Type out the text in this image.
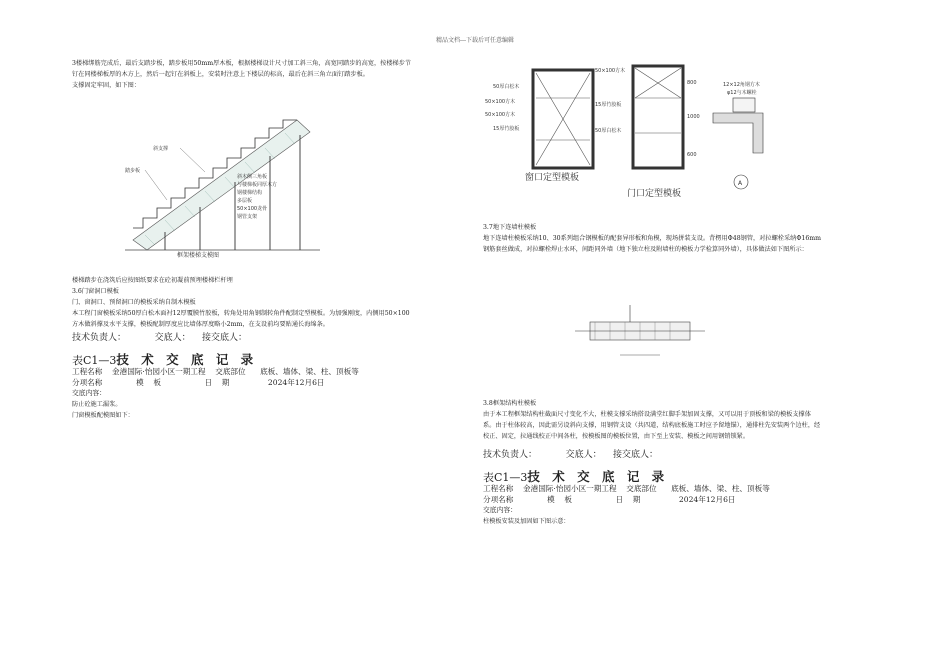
精品文档---下载后可任意编辑

3楼梯绑筋完成后，最后支踏步板，踏步板用50mm厚木板，根据楼梯设计尺寸加工斜三角，高宽同踏步的高宽，按楼梯步节钉在同楼梯板厚的木方上，然后一起钉在斜板上，安装时注意上下楼层的标高，最后在斜三角立面钉踏步板。

支撑固定牢固，如下图：

斜支撑
踏步板
斜木侧三角板
与楼梯板同厚木方
钢楼梯结构
多层板
50×100龙骨
钢管支架
框架楼梯支模图

楼梯踏步在浇筑后应按图纸要求在砼初凝前预埋楼梯栏杆埋

3.6门窗洞口模板

门、窗洞口、预留洞口的模板采纳自制木模板

本工程门窗模板采纳50厚白松木面衬12厚覆膜竹胶板，转角处用角钢制转角件配制定型模板。为加强刚度，内侧用50×100方木做斜撑及水平支撑，模板配制厚度应比墙体厚度略小2mm，在支设前均要贴通长海绵条。

技术负责人：          交底人：    接交底人：

表C1—3技 术 交 底 记 录
工程名称    金港国际·怡园小区一期工程    交底部位      底板、墙体、梁、柱、顶板等
分项名称              模    板                  日    期                2024年12月6日
交底内容：

防止砼施工漏浆。

门窗模板配模图如下：

50厚白松木
50×100方木
50×100方木
15厚竹胶板
窗口定型模板
50×100方木
15厚竹胶板
50厚白松木
800
1000
600
门口定型模板
12×12角钢方木
φ12与木螺栓
A

3.7地下连墙柱模板

地下连墙柱模板采纳10、30系列组合钢模板的配套异形板和角模，现场拼装支设。背楞用Φ48钢管，对拉螺栓采纳Φ16mm钢筋套丝做成，对拉螺栓焊止水环，间距同外墙（地下独立柱及附墙柱的模板力学检算同外墙），具体做法如下图所示：

3.8框架结构柱模板

由于本工程框架结构柱截面尺寸变化不大，柱模支撑采纳搭设满堂红脚手架加固支撑，又可以用于顶板和梁的模板支撑体系。由于柱体较高，因此需另设斜向支撑，用钢管支设（共四道，结构底板施工时应予留地锚），通排柱先安装两个边柱，经校正、固定，拉通线校正中间各柱，按模板图的模板位置，由下至上安装、模板之间用钢销锁紧。

技术负责人：          交底人：    接交底人：

表C1—3技 术 交 底 记 录
工程名称    金港国际·怡园小区一期工程    交底部位      底板、墙体、梁、柱、顶板等
分项名称              模    板                  日    期                2024年12月6日
交底内容：

柱模板安装及加固如下图示意：
